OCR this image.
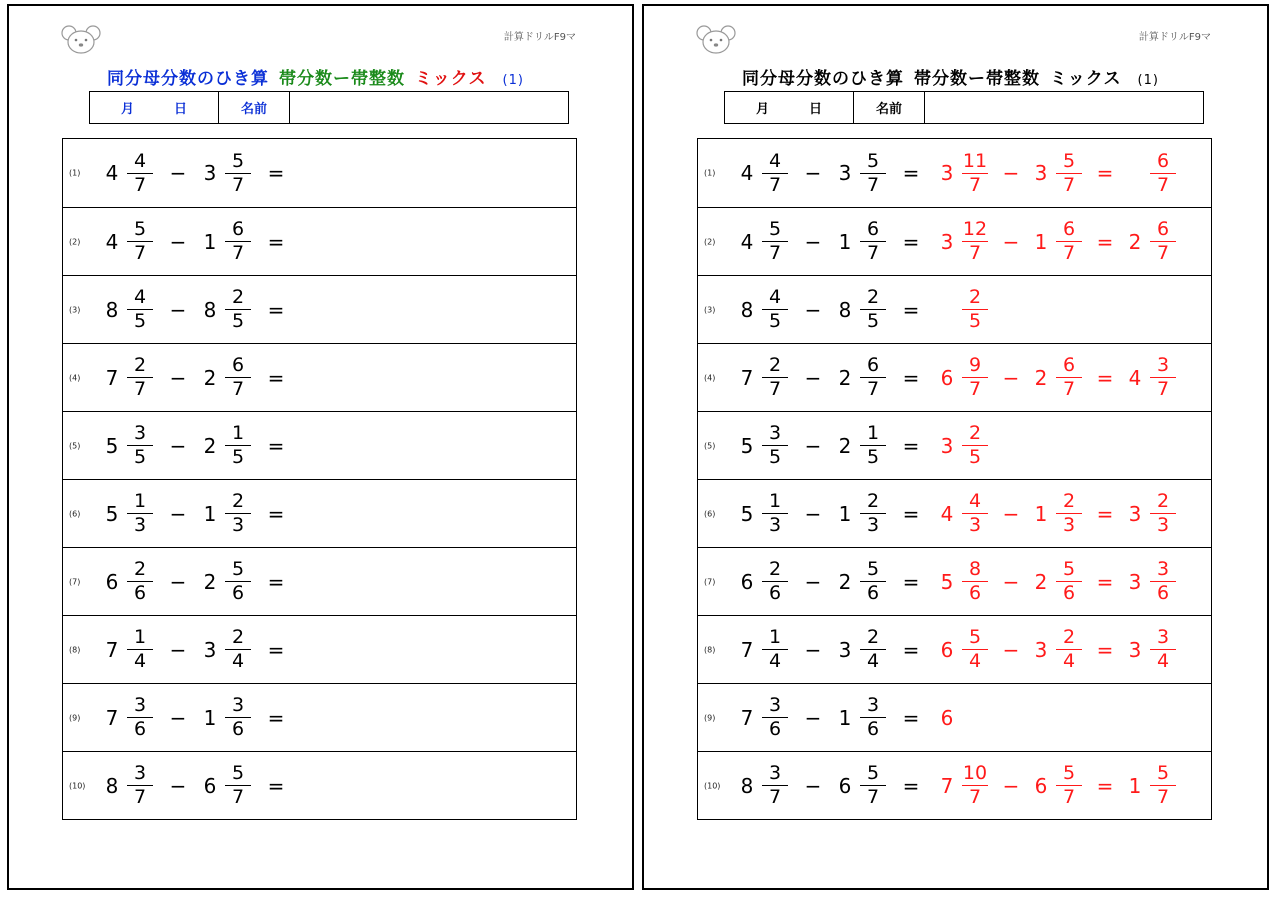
計算ドリルF9マ
同分母分数のひき算 帯分数ー帯整数 ミックス (1)
月	日	名前
(1) $4 \frac{4}{7} - 3 \frac{5}{7}$ =
(2) $4 \frac{5}{7} - 1 \frac{6}{7}$ =
(3) $8 \frac{4}{5} - 8 \frac{2}{5}$ =
(4) $7 \frac{2}{7} - 2 \frac{6}{7}$ =
(5) $5 \frac{3}{5} - 2 \frac{1}{5}$ =
(6) $5 \frac{1}{3} - 1 \frac{2}{3}$ =
(7) $6 \frac{2}{6} - 2 \frac{5}{6}$ =
(8) $7 \frac{1}{4} - 3 \frac{2}{4}$ =
(9) $7 \frac{3}{6} - 1 \frac{3}{6}$ =
(10) $8 \frac{3}{7} - 6 \frac{5}{7}$ =
計算ドリルF9マ
同分母分数のひき算 帯分数ー帯整数 ミックス (1)
月	日	名前
(1) $4 \frac{4}{7} - 3 \frac{5}{7} = 3 \frac{11}{7} - 3 \frac{5}{7} = \frac{6}{7}$
(2) $4 \frac{5}{7} - 1 \frac{6}{7} = 3 \frac{12}{7} - 1 \frac{6}{7} = 2 \frac{6}{7}$
(3) $8 \frac{4}{5} - 8 \frac{2}{5} = \frac{2}{5}$
(4) $7 \frac{2}{7} - 2 \frac{6}{7} = 6 \frac{9}{7} - 2 \frac{6}{7} = 4 \frac{3}{7}$
(5) $5 \frac{3}{5} - 2 \frac{1}{5} = 3 \frac{2}{5}$
(6) $5 \frac{1}{3} - 1 \frac{2}{3} = 4 \frac{4}{3} - 1 \frac{2}{3} = 3 \frac{2}{3}$
(7) $6 \frac{2}{6} - 2 \frac{5}{6} = 5 \frac{8}{6} - 2 \frac{5}{6} = 3 \frac{3}{6}$
(8) $7 \frac{1}{4} - 3 \frac{2}{4} = 6 \frac{5}{4} - 3 \frac{2}{4} = 3 \frac{3}{4}$
(9) $7 \frac{3}{6} - 1 \frac{3}{6} = 6$
(10) $8 \frac{3}{7} - 6 \frac{5}{7} = 7 \frac{10}{7} - 6 \frac{5}{7} = 1 \frac{5}{7}$
